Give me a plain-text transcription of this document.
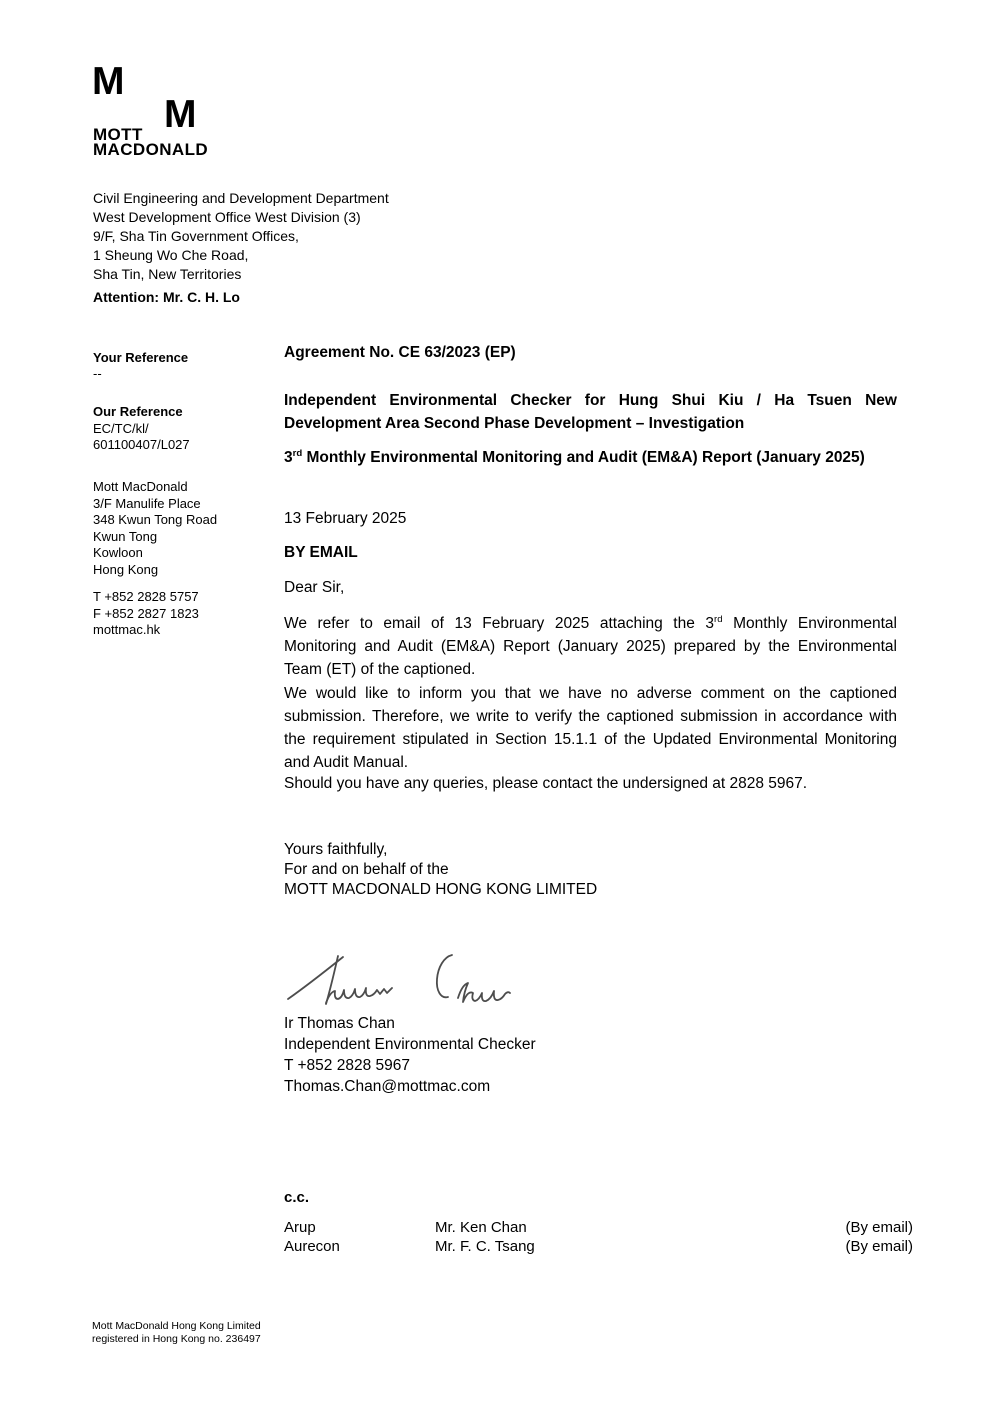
M
M
MOTT
MACDONALD
Civil Engineering and Development Department
West Development Office West Division (3)
9/F, Sha Tin Government Offices,
1 Sheung Wo Che Road,
Sha Tin, New Territories
Attention: Mr. C. H. Lo
Your Reference
--
Our Reference
EC/TC/kl/
601100407/L027
Mott MacDonald
3/F Manulife Place
348 Kwun Tong Road
Kwun Tong
Kowloon
Hong Kong
T +852 2828 5757
F +852 2827 1823
mottmac.hk

Agreement No. CE 63/2023 (EP)

Independent Environmental Checker for Hung Shui Kiu / Ha Tsuen New Development Area Second Phase Development – Investigation

3rd Monthly Environmental Monitoring and Audit (EM&A) Report (January 2025)

13 February 2025

BY EMAIL

Dear Sir,

We refer to email of 13 February 2025 attaching the 3rd Monthly Environmental Monitoring and Audit (EM&A) Report (January 2025) prepared by the Environmental Team (ET) of the captioned.

We would like to inform you that we have no adverse comment on the captioned submission. Therefore, we write to verify the captioned submission in accordance with the requirement stipulated in Section 15.1.1 of the Updated Environmental Monitoring and Audit Manual.

Should you have any queries, please contact the undersigned at 2828 5967.

Yours faithfully,
For and on behalf of the
MOTT MACDONALD HONG KONG LIMITED
Ir Thomas Chan
Independent Environmental Checker
T +852 2828 5967
Thomas.Chan@mottmac.com
c.c.
Arup	Mr. Ken Chan	(By email)
Aurecon	Mr. F. C. Tsang	(By email)
Mott MacDonald Hong Kong Limited
registered in Hong Kong no. 236497
